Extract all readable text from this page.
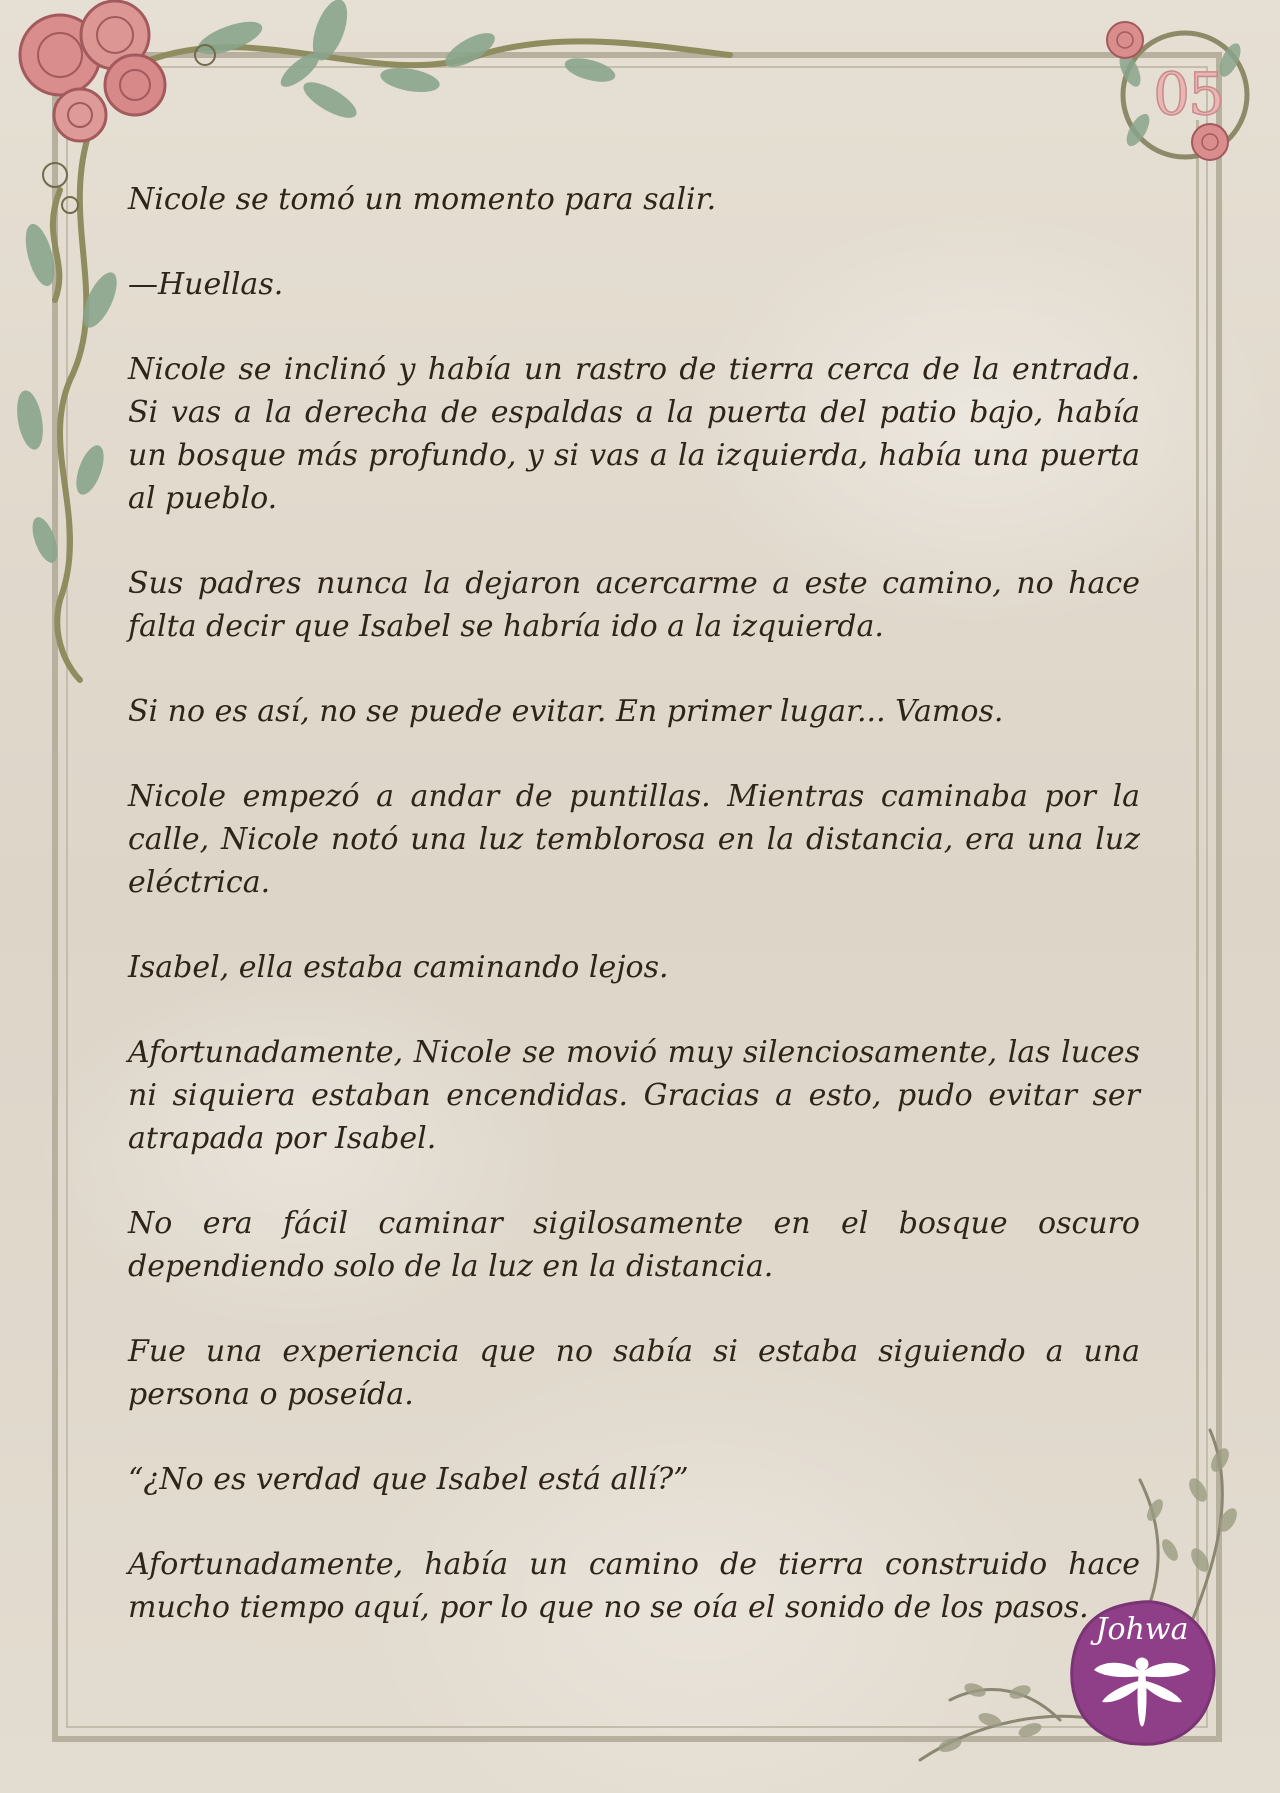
05
Johwa

Nicole se tomó un momento para salir.

—Huellas.

Nicole se inclinó y había un rastro de tierra cerca de la entrada. Si vas a la derecha de espaldas a la puerta del patio bajo, había un bosque más profundo, y si vas a la izquierda, había una puerta al pueblo.

Sus padres nunca la dejaron acercarme a este camino, no hace falta decir que Isabel se habría ido a la izquierda.

Si no es así, no se puede evitar. En primer lugar... Vamos.

Nicole empezó a andar de puntillas. Mientras caminaba por la calle, Nicole notó una luz temblorosa en la distancia, era una luz eléctrica.

Isabel, ella estaba caminando lejos.

Afortunadamente, Nicole se movió muy silenciosamente, las luces ni siquiera estaban encendidas. Gracias a esto, pudo evitar ser atrapada por Isabel.

No era fácil caminar sigilosamente en el bosque oscuro dependiendo solo de la luz en la distancia.

Fue una experiencia que no sabía si estaba siguiendo a una persona o poseída.

“¿No es verdad que Isabel está allí?”

Afortunadamente, había un camino de tierra construido hace mucho tiempo aquí, por lo que no se oía el sonido de los pasos.
